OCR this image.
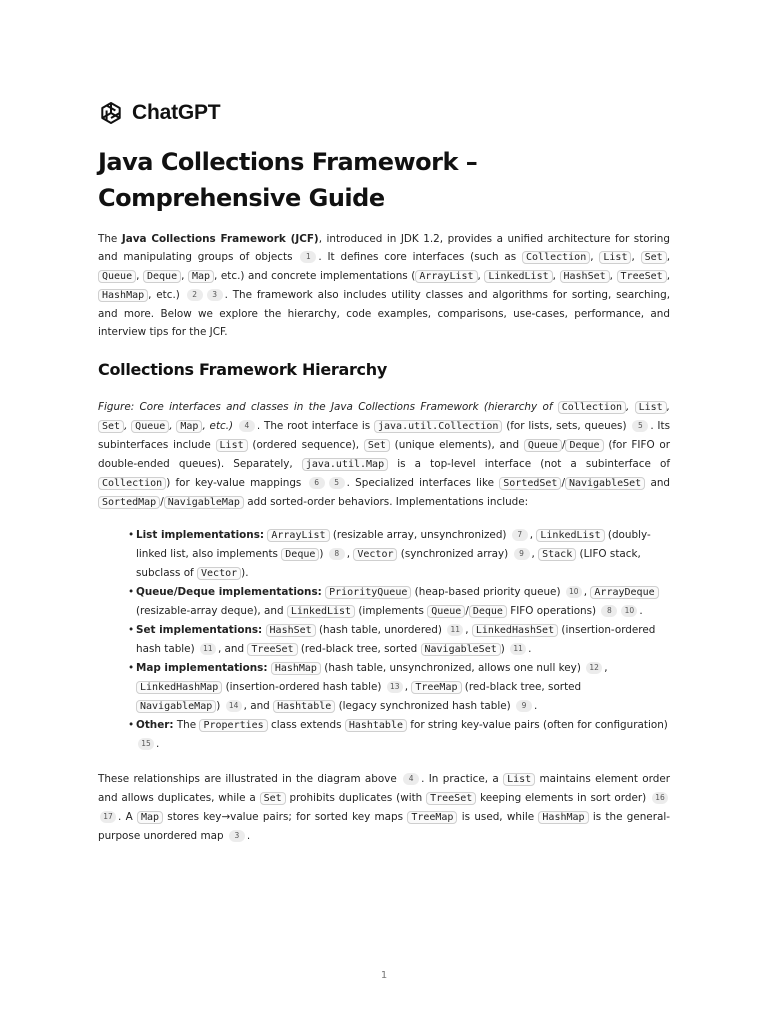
ChatGPT
Java Collections Framework – Comprehensive Guide

The Java Collections Framework (JCF), introduced in JDK 1.2, provides a unified architecture for storing and manipulating groups of objects 1 . It defines core interfaces (such as Collection , List , Set , Queue , Deque , Map , etc.) and concrete implementations ( ArrayList , LinkedList , HashSet , TreeSet , HashMap , etc.) 2 3 . The framework also includes utility classes and algorithms for sorting, searching, and more. Below we explore the hierarchy, code examples, comparisons, use-cases, performance, and interview tips for the JCF.

Collections Framework Hierarchy

Figure: Core interfaces and classes in the Java Collections Framework (hierarchy of Collection , List , Set , Queue , Map , etc.) 4 . The root interface is java.util.Collection (for lists, sets, queues) 5 . Its subinterfaces include List (ordered sequence), Set (unique elements), and Queue / Deque (for FIFO or double-ended queues). Separately, java.util.Map is a top-level interface (not a subinterface of Collection ) for key-value mappings 6 5 . Specialized interfaces like SortedSet / NavigableSet and SortedMap / NavigableMap add sorted-order behaviors. Implementations include:

• List implementations: ArrayList (resizable array, unsynchronized) 7 , LinkedList (doubly-linked list, also implements Deque ) 8 , Vector (synchronized array) 9 , Stack (LIFO stack, subclass of Vector ).
• Queue/Deque implementations: PriorityQueue (heap-based priority queue) 10 , ArrayDeque (resizable-array deque), and LinkedList (implements Queue / Deque FIFO operations) 8 10 .
• Set implementations: HashSet (hash table, unordered) 11 , LinkedHashSet (insertion-ordered hash table) 11 , and TreeSet (red-black tree, sorted NavigableSet ) 11 .
• Map implementations: HashMap (hash table, unsynchronized, allows one null key) 12 , LinkedHashMap (insertion-ordered hash table) 13 , TreeMap (red-black tree, sorted NavigableMap ) 14 , and Hashtable (legacy synchronized hash table) 9 .
• Other: The Properties class extends Hashtable for string key-value pairs (often for configuration) 15 .

These relationships are illustrated in the diagram above 4 . In practice, a List maintains element order and allows duplicates, while a Set prohibits duplicates (with TreeSet keeping elements in sort order) 1617 . A Map stores key→value pairs; for sorted key maps TreeMap is used, while HashMap is the general-purpose unordered map 3 .

1
